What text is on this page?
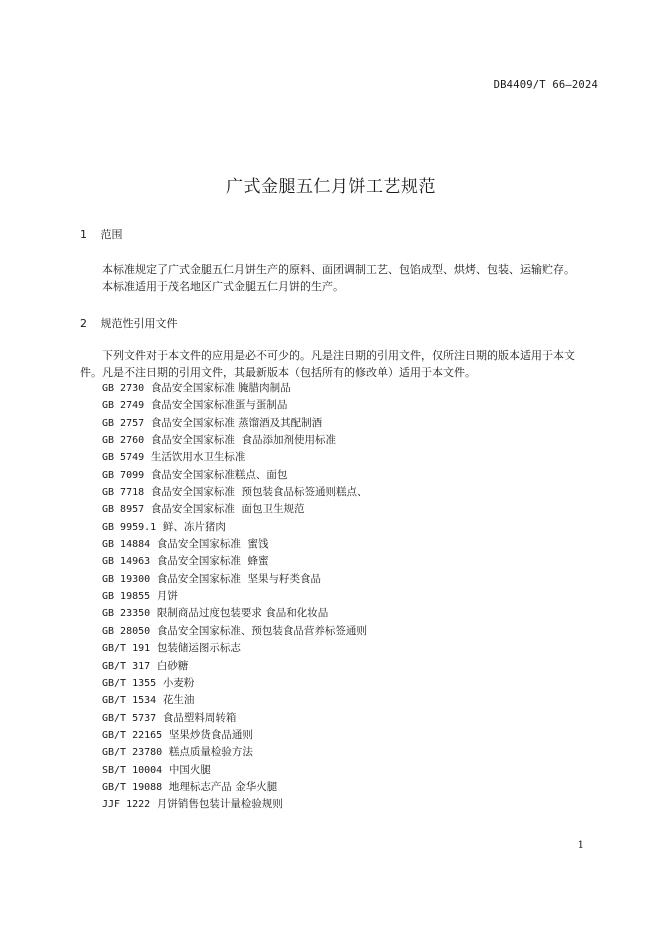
DB4409/T 66—2024
广式金腿五仁月饼工艺规范
1 范围
本标准规定了广式金腿五仁月饼生产的原料、面团调制工艺、包馅成型、烘烤、包装、运输贮存。
本标准适用于茂名地区广式金腿五仁月饼的生产。
2 规范性引用文件
下列文件对于本文件的应用是必不可少的。凡是注日期的引用文件，仅所注日期的版本适用于本文
件。凡是不注日期的引用文件，其最新版本（包括所有的修改单）适用于本文件。
GB 2730 食品安全国家标准 腌腊肉制品
GB 2749 食品安全国家标准蛋与蛋制品
GB 2757 食品安全国家标准 蒸馏酒及其配制酒
GB 2760 食品安全国家标准  食品添加剂使用标准
GB 5749 生活饮用水卫生标准
GB 7099 食品安全国家标准糕点、面包
GB 7718 食品安全国家标准  预包装食品标签通则糕点、
GB 8957 食品安全国家标准  面包卫生规范
GB 9959.1 鲜、冻片猪肉
GB 14884 食品安全国家标准  蜜饯
GB 14963 食品安全国家标准  蜂蜜
GB 19300 食品安全国家标准  坚果与籽类食品
GB 19855 月饼
GB 23350 限制商品过度包装要求 食品和化妆品
GB 28050 食品安全国家标准、预包装食品营养标签通则
GB/T 191 包装储运图示标志
GB/T 317 白砂糖
GB/T 1355 小麦粉
GB/T 1534 花生油
GB/T 5737 食品塑料周转箱
GB/T 22165 坚果炒货食品通则
GB/T 23780 糕点质量检验方法
SB/T 10004 中国火腿
GB/T 19088 地理标志产品 金华火腿
JJF 1222 月饼销售包装计量检验规则
1
